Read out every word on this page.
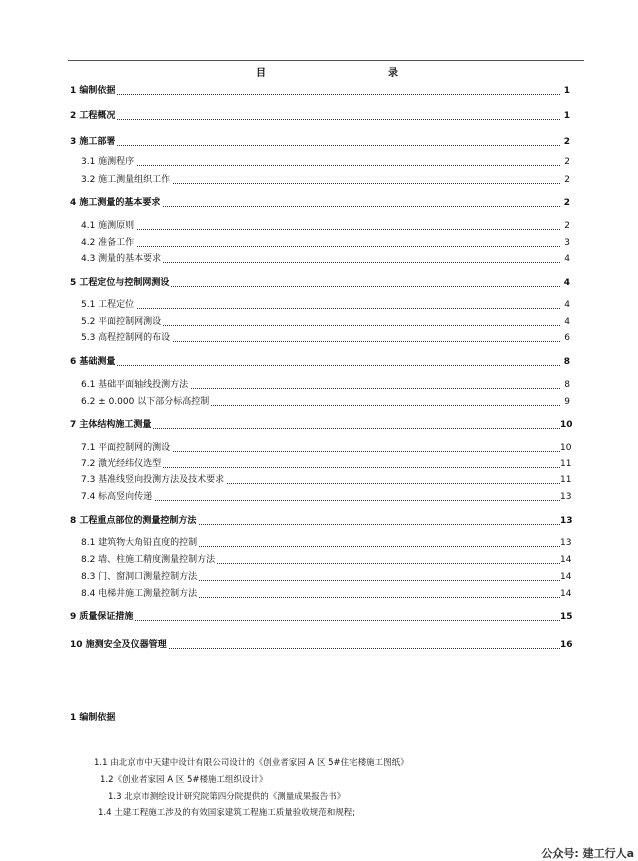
目	录
1 编制依据	1
2 工程概况	1
3 施工部署	2
3.1 施测程序	2
3.2 施工测量组织工作	2
4 施工测量的基本要求	2
4.1 施测原则	2
4.2 准备工作	3
4.3 测量的基本要求	4
5 工程定位与控制网测设	4
5.1 工程定位	4
5.2 平面控制网测设	4
5.3 高程控制网的布设	6
6 基础测量	8
6.1 基础平面轴线投测方法	8
6.2 ± 0.000 以下部分标高控制	9
7 主体结构施工测量	10
7.1 平面控制网的测设	10
7.2 激光经纬仪选型	11
7.3 基准线竖向投测方法及技术要求	11
7.4 标高竖向传递	13
8 工程重点部位的测量控制方法	13
8.1 建筑物大角铅直度的控制	13
8.2 墙、柱施工精度测量控制方法	14
8.3 门、窗洞口测量控制方法	14
8.4 电梯井施工测量控制方法	14
9 质量保证措施	15
10 施测安全及仪器管理	16
1 编制依据
1.1 由北京市中天建中设计有限公司设计的《创业者家园 A 区 5#住宅楼施工图纸》
1.2《创业者家园 A 区 5#楼施工组织设计》
1.3 北京市测绘设计研究院第四分院提供的《测量成果报告书》
1.4 土建工程施工涉及的有效国家建筑工程施工质量验收规范和规程;
公众号: 建工行人a
